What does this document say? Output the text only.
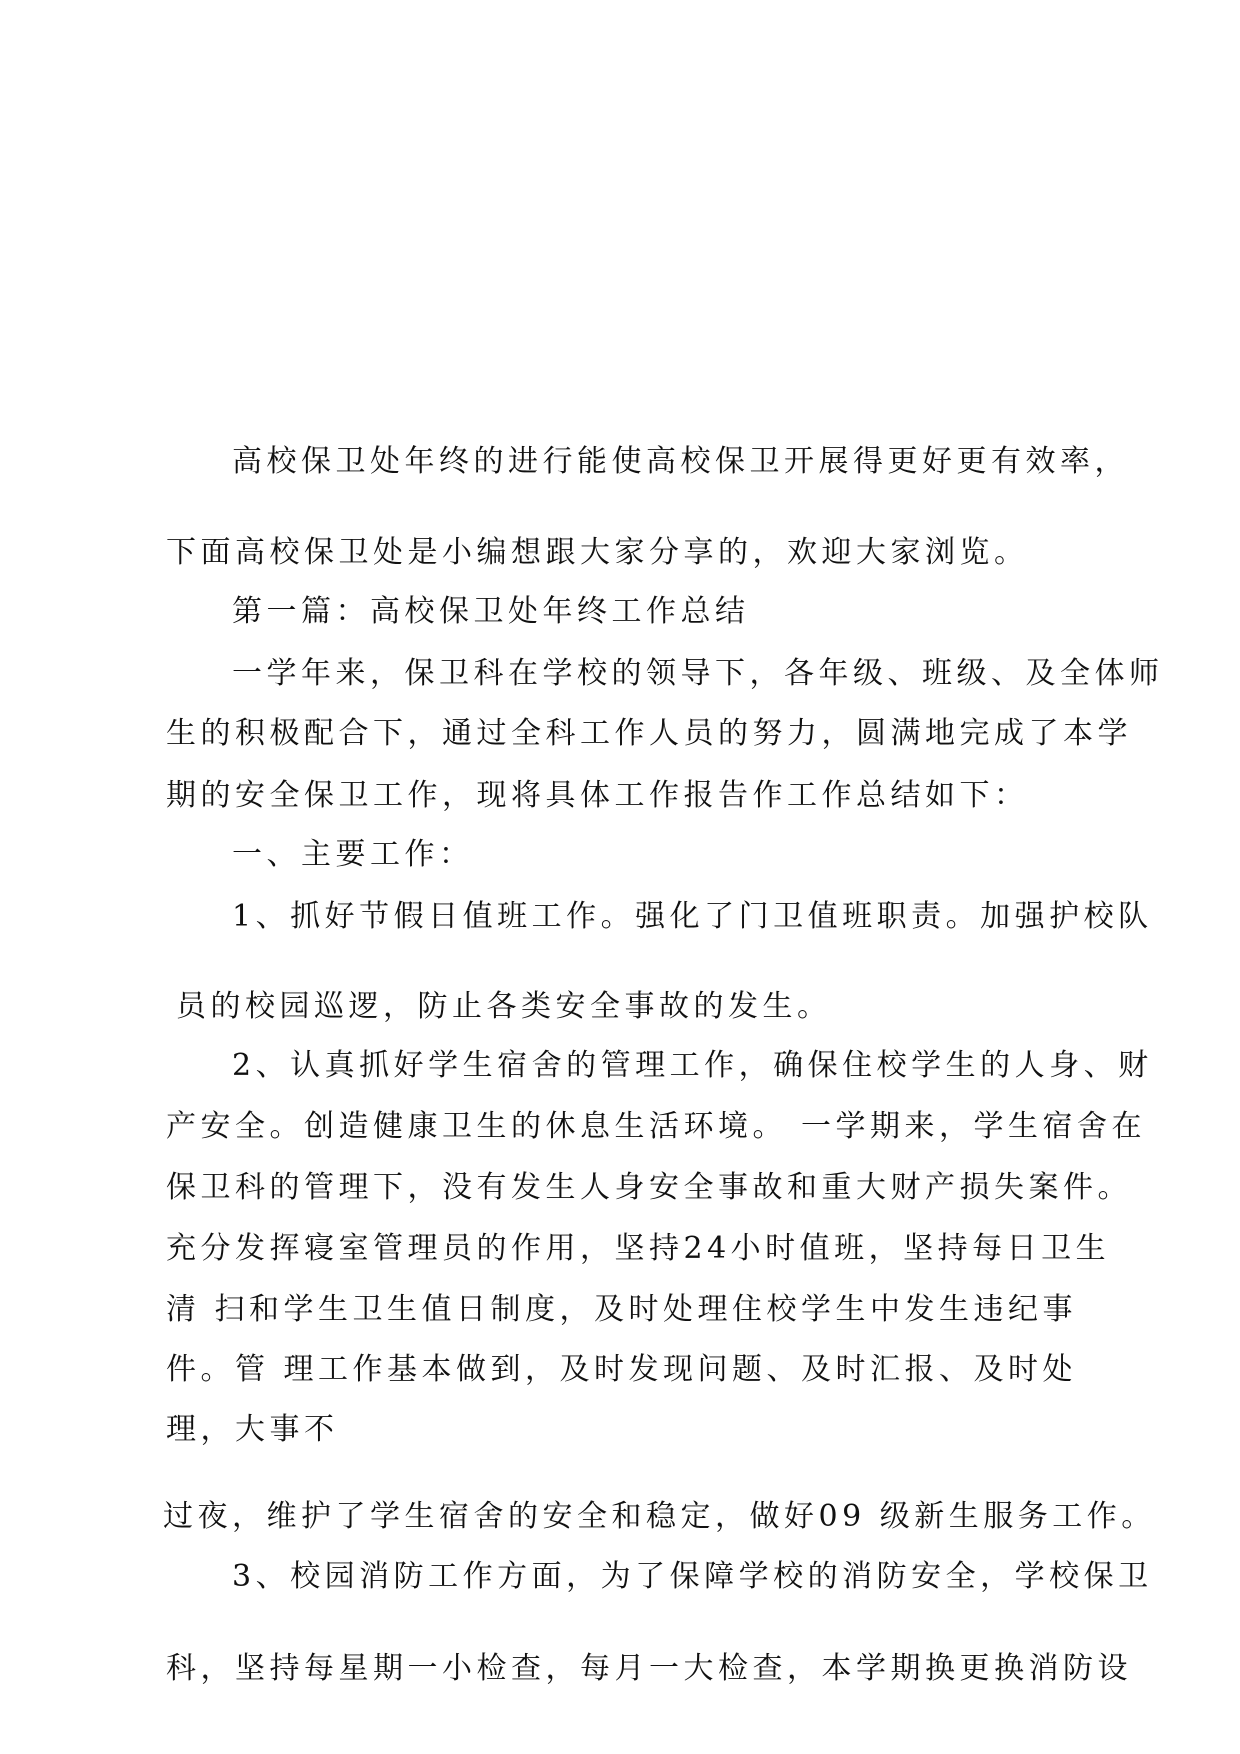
高校保卫处年终的进行能使高校保卫开展得更好更有效率，

下面高校保卫处是小编想跟大家分享的，欢迎大家浏览。

第一篇：高校保卫处年终工作总结

一学年来，保卫科在学校的领导下，各年级、班级、及全体师

生的积极配合下，通过全科工作人员的努力，圆满地完成了本学

期的安全保卫工作，现将具体工作报告作工作总结如下：

一、主要工作：

1、抓好节假日值班工作。强化了门卫值班职责。加强护校队

员的校园巡逻，防止各类安全事故的发生。

2、认真抓好学生宿舍的管理工作，确保住校学生的人身、财

产安全。创造健康卫生的休息生活环境。 一学期来，学生宿舍在

保卫科的管理下，没有发生人身安全事故和重大财产损失案件。

充分发挥寝室管理员的作用，坚持24小时值班，坚持每日卫生

清 扫和学生卫生值日制度，及时处理住校学生中发生违纪事

件。管 理工作基本做到，及时发现问题、及时汇报、及时处

理，大事不

过夜，维护了学生宿舍的安全和稳定，做好09 级新生服务工作。

3、校园消防工作方面，为了保障学校的消防安全，学校保卫

科，坚持每星期一小检查，每月一大检查，本学期换更换消防设
